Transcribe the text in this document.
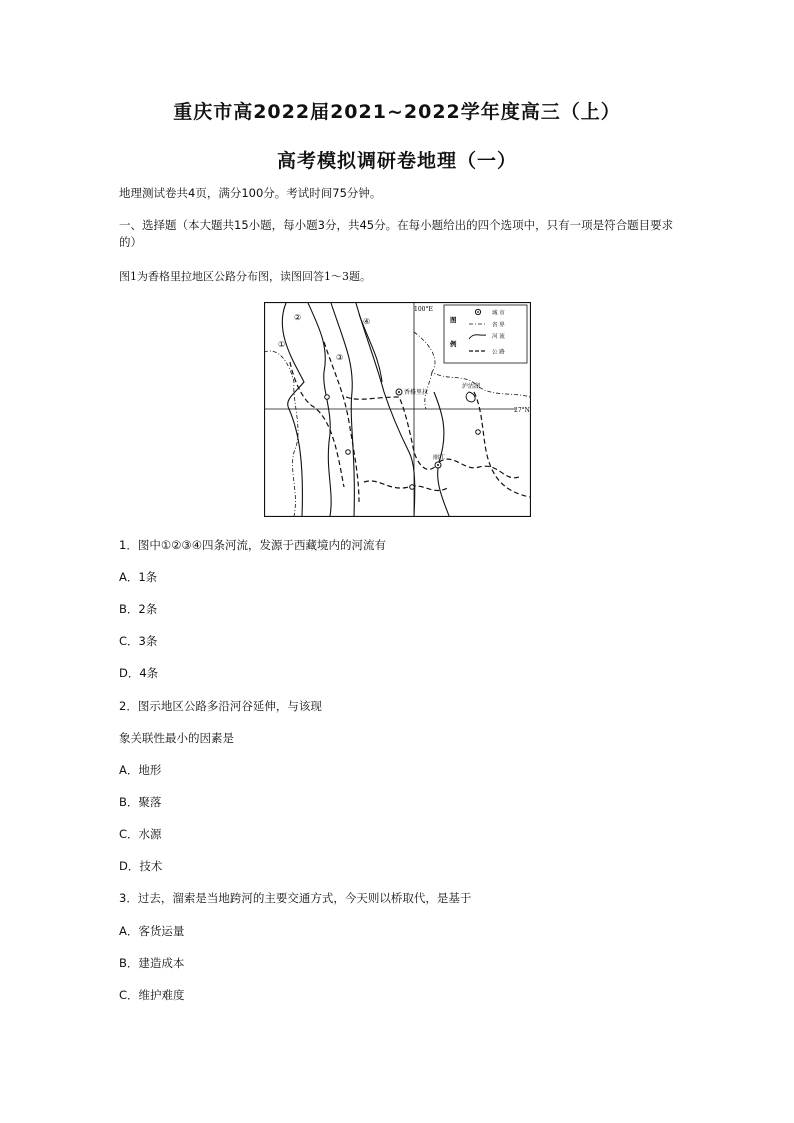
重庆市高2022届2021~2022学年度高三（上）
高考模拟调研卷地理（一）
地理测试卷共4页，满分100分。考试时间75分钟。
一、选择题（本大题共15小题，每小题3分，共45分。在每小题给出的四个选项中，只有一项是符合题目要求的）
图1为香格里拉地区公路分布图，读图回答1～3题。
100°E
27°N
泸沽湖
香格里拉
丽江
①
②
③
④	图
例
城 市
省 界
河 流
公 路
1．图中①②③④四条河流，发源于西藏境内的河流有
A．1条
B．2条
C．3条
D．4条
2．图示地区公路多沿河谷延伸，与该现
象关联性最小的因素是
A．地形
B．聚落
C．水源
D．技术
3．过去，溜索是当地跨河的主要交通方式，今天则以桥取代，是基于
A．客货运量
B．建造成本
C．维护难度
